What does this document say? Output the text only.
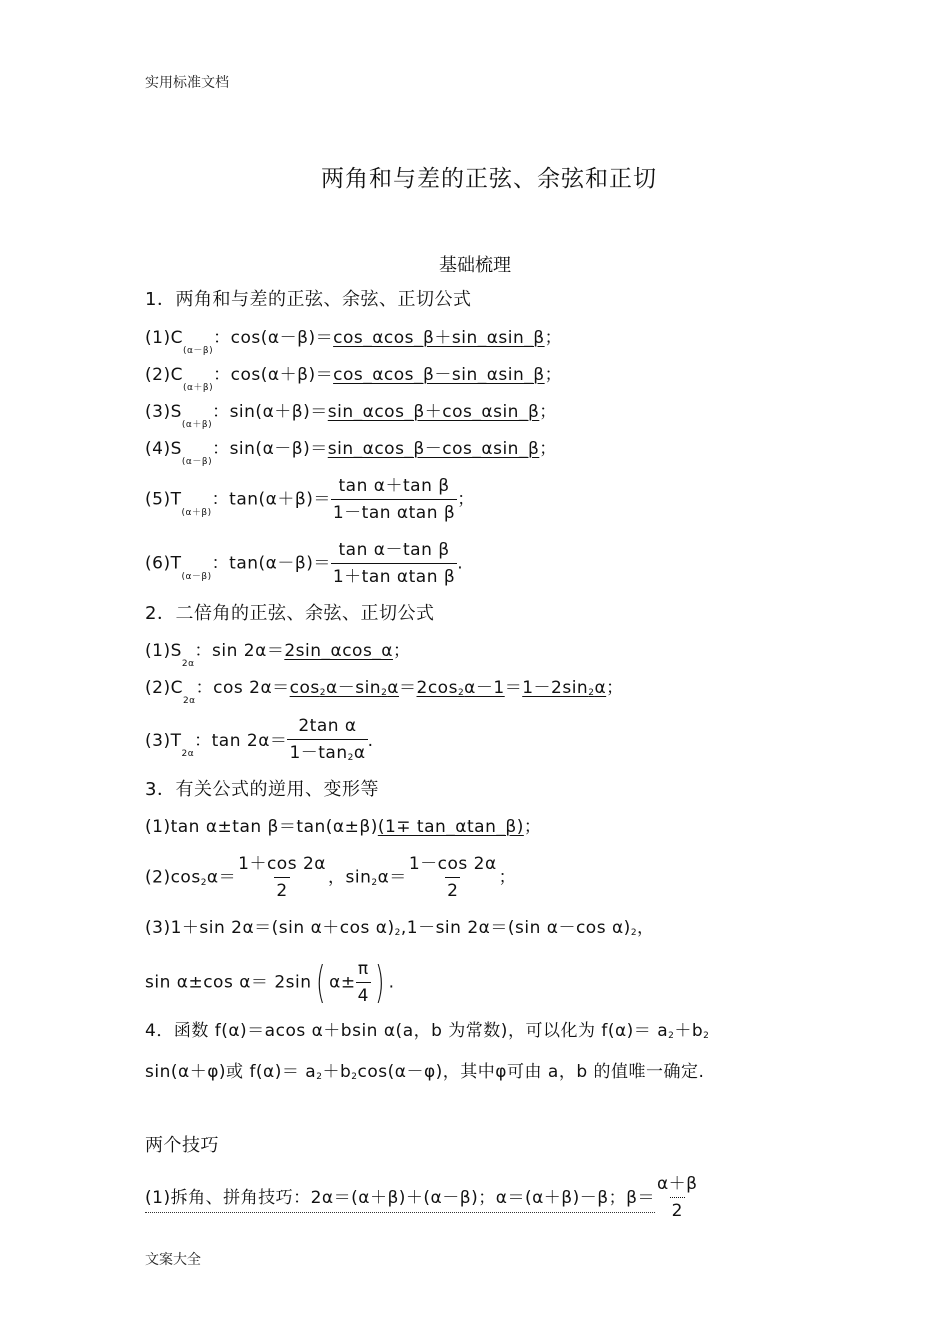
实用标准文档
两角和与差的正弦、余弦和正切
基础梳理
1．两角和与差的正弦、余弦、正切公式
$(1)C_{(\alpha-\beta)}$：cos(α－β)＝cos_αcos_β＋sin_αsin_β；
$(2)C_{(\alpha+\beta)}$：cos(α＋β)＝cos_αcos_β－sin_αsin_β；
$(3)S_{(\alpha+\beta)}$：sin(α＋β)＝sin_αcos_β＋cos_αsin_β；
$(4)S_{(\alpha-\beta)}$：sin(α－β)＝sin_αcos_β－cos_αsin_β；
$(5)T_{(\alpha+\beta)}$：$\tan(\alpha+\beta)= \frac{\text{tan α＋tan β}}{\text{1－tan αtan β}}$ ；
$(6)T_{(\alpha-\beta)}$：$\tan(\alpha-\beta)= \frac{\text{tan α－tan β}}{\text{1＋tan αtan β}}$ .
2．二倍角的正弦、余弦、正切公式
$(1)S_{2\alpha}$：sin 2α＝2sin_αcos_α；
$(2)C_{2\alpha}$：cos 2α＝cos2α－sin2α＝2cos2α－1＝1－2sin2α；
$(3)T_{2\alpha}$：$\tan 2\alpha= \frac{\text{2tan α}}{1-\tan 2\alpha}$ .
3．有关公式的逆用、变形等
(1)tan α±tan β＝tan(α±β)(1∓ tan_αtan_β)；
$(2)\cos 2\alpha= \frac{1+\cos 2\alpha}{2}$ ，$\sin 2\alpha= \frac{1-\cos 2\alpha}{2}$ ；
(3)1＋sin 2α＝(sin α＋cos α)2,1－sin 2α＝(sin α－cos α)2，
sin α±cos α＝ 2sin( $\alpha\pm \frac{\pi}{4}$ ) .
4．函数 f(α)＝acos α＋bsin α(a，b 为常数)，可以化为 f(α)＝ a2＋b2
sin(α＋φ)或 f(α)＝ a2＋b2cos(α－φ)，其中φ可由 a，b 的值唯一确定.
两个技巧
(1)拆角、拼角技巧：2α＝(α＋β)＋(α－β)；α＝(α＋β)－β；$\beta= \frac{\alpha+\beta}{2}$
文案大全
